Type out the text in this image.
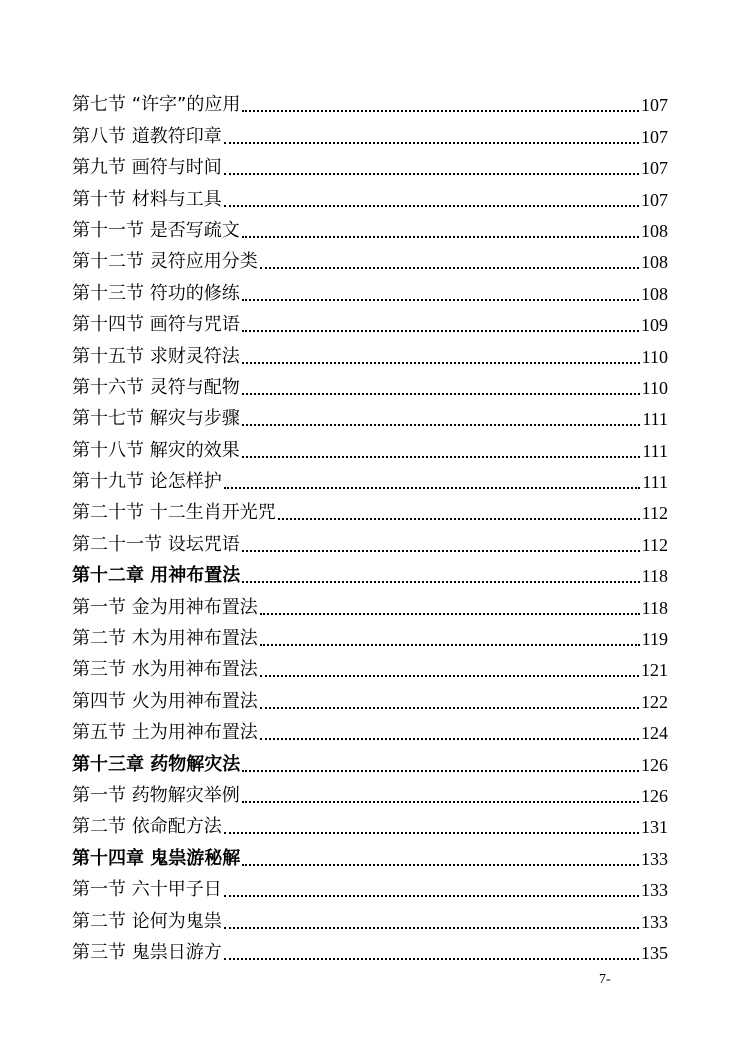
第七节 “许字”的应用	107
第八节 道教符印章	107
第九节 画符与时间	107
第十节 材料与工具	107
第十一节 是否写疏文	108
第十二节 灵符应用分类	108
第十三节 符功的修练	108
第十四节 画符与咒语	109
第十五节 求财灵符法	110
第十六节 灵符与配物	110
第十七节 解灾与步骤	111
第十八节 解灾的效果	111
第十九节 论怎样护	111
第二十节 十二生肖开光咒	112
第二十一节 设坛咒语	112
第十二章 用神布置法	118
第一节 金为用神布置法	118
第二节 木为用神布置法	119
第三节 水为用神布置法	121
第四节 火为用神布置法	122
第五节 土为用神布置法	124
第十三章 药物解灾法	126
第一节 药物解灾举例	126
第二节 依命配方法	131
第十四章 鬼祟游秘解	133
第一节 六十甲子日	133
第二节 论何为鬼祟	133
第三节 鬼祟日游方	135
7-
